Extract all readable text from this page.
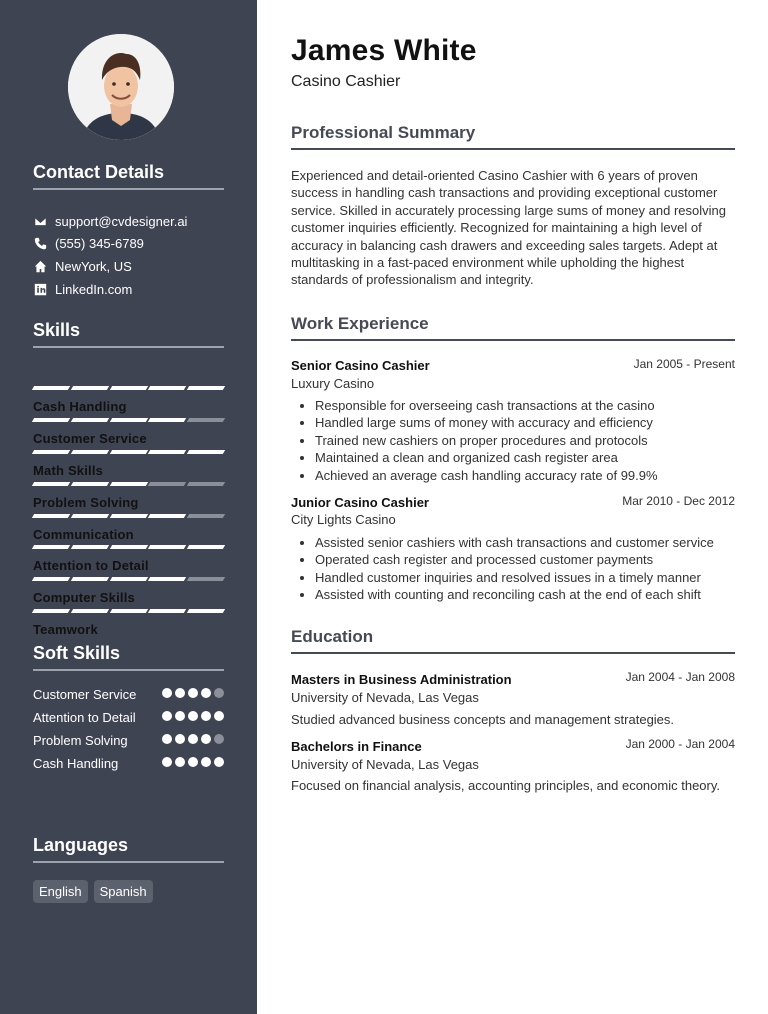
Contact Details
support@cvdesigner.ai
(555) 345-6789
NewYork, US
LinkedIn.com
Skills
Cash Handling
Customer Service
Math Skills
Problem Solving
Communication
Attention to Detail
Computer Skills
Teamwork
Soft Skills
Customer Service
Attention to Detail
Problem Solving
Cash Handling
Languages
English	Spanish
James White
Casino Cashier
Professional Summary

Experienced and detail-oriented Casino Cashier with 6 years of proven success in handling cash transactions and providing exceptional customer service. Skilled in accurately processing large sums of money and resolving customer inquiries efficiently. Recognized for maintaining a high level of accuracy in balancing cash drawers and exceeding sales targets. Adept at multitasking in a fast-paced environment while upholding the highest standards of professionalism and integrity.

Work Experience
Senior Casino Cashier	Jan 2005 - Present
Luxury Casino
• Responsible for overseeing cash transactions at the casino
• Handled large sums of money with accuracy and efficiency
• Trained new cashiers on proper procedures and protocols
• Maintained a clean and organized cash register area
• Achieved an average cash handling accuracy rate of 99.9%
Junior Casino Cashier	Mar 2010 - Dec 2012
City Lights Casino
• Assisted senior cashiers with cash transactions and customer service
• Operated cash register and processed customer payments
• Handled customer inquiries and resolved issues in a timely manner
• Assisted with counting and reconciling cash at the end of each shift
Education
Masters in Business Administration	Jan 2004 - Jan 2008
University of Nevada, Las Vegas
Studied advanced business concepts and management strategies.
Bachelors in Finance	Jan 2000 - Jan 2004
University of Nevada, Las Vegas
Focused on financial analysis, accounting principles, and economic theory.
